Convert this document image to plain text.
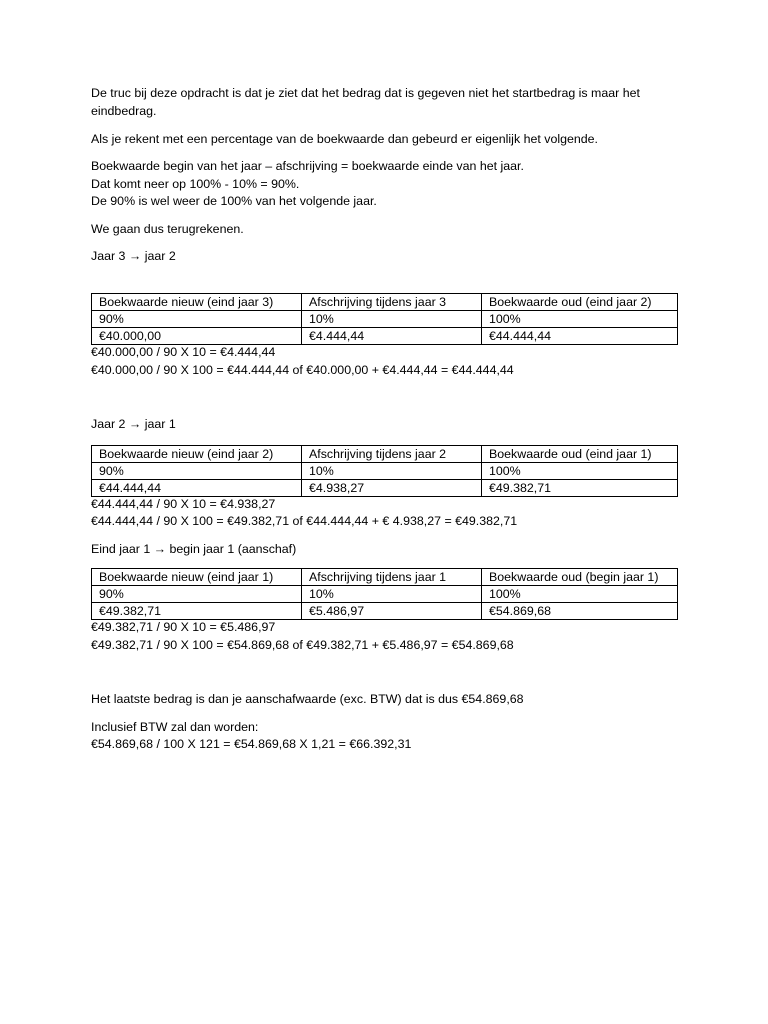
De truc bij deze opdracht is dat je ziet dat het bedrag dat is gegeven niet het startbedrag is maar het
eindbedrag.
Als je rekent met een percentage van de boekwaarde dan gebeurd er eigenlijk het volgende.
Boekwaarde begin van het jaar – afschrijving = boekwaarde einde van het jaar.
Dat komt neer op 100% - 10% = 90%.
De 90% is wel weer de 100% van het volgende jaar.
We gaan dus terugrekenen.
Jaar 3 → jaar 2
Boekwaarde nieuw (eind jaar 3)	Afschrijving tijdens jaar 3	Boekwaarde oud (eind jaar 2)
90%	10%	100%
€40.000,00	€4.444,44	€44.444,44
€40.000,00 / 90 X 10 = €4.444,44
€40.000,00 / 90 X 100 = €44.444,44 of €40.000,00 + €4.444,44 = €44.444,44
Jaar 2 → jaar 1
Boekwaarde nieuw (eind jaar 2)	Afschrijving tijdens jaar 2	Boekwaarde oud (eind jaar 1)
90%	10%	100%
€44.444,44	€4.938,27	€49.382,71
€44.444,44 / 90 X 10 = €4.938,27
€44.444,44 / 90 X 100 = €49.382,71 of €44.444,44 + € 4.938,27 = €49.382,71
Eind jaar 1 → begin jaar 1 (aanschaf)
Boekwaarde nieuw (eind jaar 1)	Afschrijving tijdens jaar 1	Boekwaarde oud (begin jaar 1)
90%	10%	100%
€49.382,71	€5.486,97	€54.869,68
€49.382,71 / 90 X 10 = €5.486,97
€49.382,71 / 90 X 100 = €54.869,68 of €49.382,71 + €5.486,97 = €54.869,68
Het laatste bedrag is dan je aanschafwaarde (exc. BTW) dat is dus €54.869,68
Inclusief BTW zal dan worden:
€54.869,68 / 100 X 121 = €54.869,68 X 1,21 = €66.392,31
